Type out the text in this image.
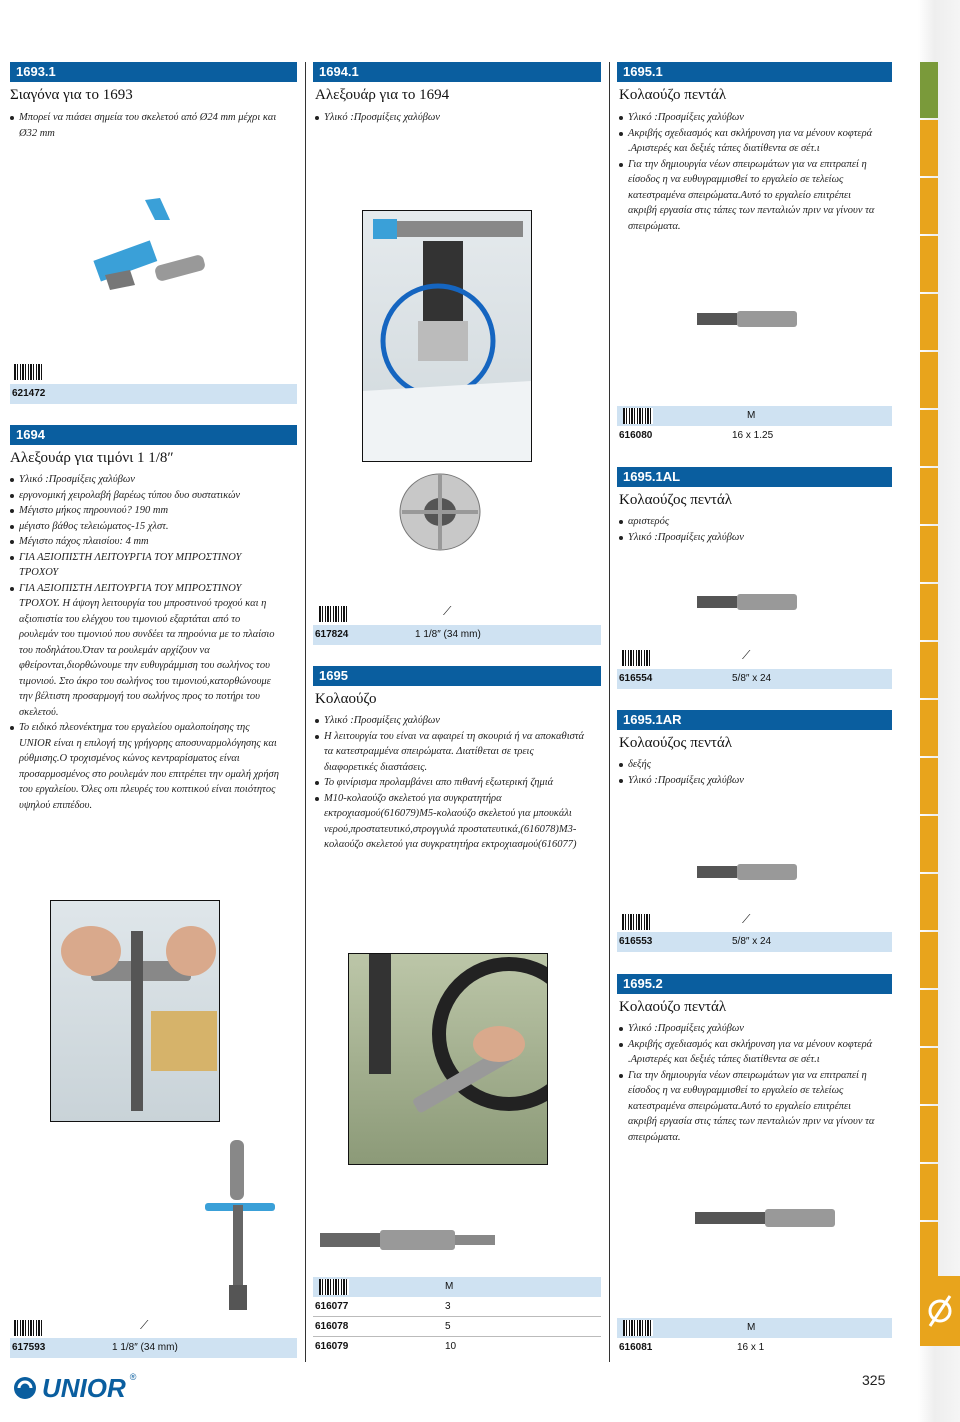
1693.1
Σιαγόνα για το 1693
Μπορεί να πιάσει σημεία του σκελετού από Ø24 mm μέχρι και Ø32 mm
621472
1694
Αλεξουάρ για τιμόνι 1 1/8″
Υλικό :Προσμίξεις χαλύβων
εργονομική χειρολαβή βαρέως τύπου δυο συστατικών
Μέγιστο μήκος πηρουνιού? 190 mm
μέγιστο βάθος τελειώματος-15 χλστ.
Μέγιστο πάχος πλαισίου: 4 mm
ΓΙΑ ΑΞΙΟΠΙΣΤΗ ΛΕΙΤΟΥΡΓΙΑ ΤΟΥ ΜΠΡΟΣΤΙΝΟΥ ΤΡΟΧΟΥ
ΓΙΑ ΑΞΙΟΠΙΣΤΗ ΛΕΙΤΟΥΡΓΙΑ ΤΟΥ ΜΠΡΟΣΤΙΝΟΥ ΤΡΟΧΟΥ. Η άψογη λειτουργία του μπροστινού τροχού και η αξιοπιστία του ελέγχου του τιμονιού εξαρτάται από το ρουλεμάν του τιμονιού που συνδέει τα πηρούνια με το πλαίσιο του ποδηλάτου.Όταν τα ρουλεμάν αρχίζουν να φθείρονται,διορθώνουμε την ευθυγράμμιση του σωλήνος του τιμονιού. Στο άκρο του σωλήνος του τιμονιού,κατορθώνουμε την βέλτιστη προσαρμογή του σωλήνος προς το ποτήρι του σκελετού.
Το ειδικό πλεονέκτημα του εργαλείου ομαλοποίησης της UNIOR είναι η επιλογή της γρήγορης αποσυναρμολόγησης και ρύθμισης.Ο τροχισμένος κώνος κεντραρίσματος είναι προσαρμοσμένος στο ρουλεμάν που επιτρέπει την ομαλή χρήση του εργαλείου. Όλες οπι πλευρές του κοπτικού είναι ποιότητος υψηλού επιπέδου.
⟋
617593	1 1/8″ (34 mm)
1694.1
Αλεξουάρ για το 1694
Υλικό :Προσμίξεις χαλύβων
⟋
617824	1 1/8″ (34 mm)
1695
Κολαούζο
Υλικό :Προσμίξεις χαλύβων
Η λειτουργία του είναι να αφαιρεί τη σκουριά ή να αποκαθιστά τα κατεστραμμένα σπειρώματα. Διατίθεται σε τρεις διαφορετικές διαστάσεις.
Το φινίρισμα προλαμβάνει απο πιθανή εξωτερική ζημιά
M10-κολαούζο σκελετού για συγκρατητήρα εκτροχιασμού(616079)M5-κολαούζο σκελετού για μπουκάλι νερού,προστατευτικό,στρογγυλά προστατευτικά,(616078)M3-κολαούζο σκελετού για συγκρατητήρα εκτροχιασμού(616077)
M
616077	3
616078	5
616079	10
1695.1
Κολαούζο πεντάλ
Υλικό :Προσμίξεις χαλύβων
Ακριβής σχεδιασμός και σκλήρυνση για να μένουν κοφτερά .Αριστερές και δεξιές τάπες διατίθεντα σε σέτ.ι
Για την δημιουργία νέων σπειρωμάτων για να επιτραπεί η είσοδος η να ευθυγραμμισθεί το εργαλείο σε τελείως κατεστραμένα σπειρώματα.Αυτό το εργαλείο επιτρέπει ακριβή εργασία στις τάπες των πενταλιών πριν να γίνουν τα σπειρώματα.
M
616080	16 x 1.25
1695.1AL
Κολαούζος πεντάλ
αριστερός
Υλικό :Προσμίξεις χαλύβων
⟋
616554	5/8″ x 24
1695.1AR
Κολαούζος πεντάλ
δεξής
Υλικό :Προσμίξεις χαλύβων
⟋
616553	5/8″ x 24
1695.2
Κολαούζο πεντάλ
Υλικό :Προσμίξεις χαλύβων
Ακριβής σχεδιασμός και σκλήρυνση για να μένουν κοφτερά .Αριστερές και δεξιές τάπες διατίθεντα σε σέτ.ι
Για την δημιουργία νέων σπειρωμάτων για να επιτραπεί η είσοδος η να ευθυγραμμισθεί το εργαλείο σε τελείως κατεστραμένα σπειρώματα.Αυτό το εργαλείο επιτρέπει ακριβή εργασία στις τάπες των πενταλιών πριν να γίνουν τα σπειρώματα.
M
616081	16 x 1
UNIOR ®	325
